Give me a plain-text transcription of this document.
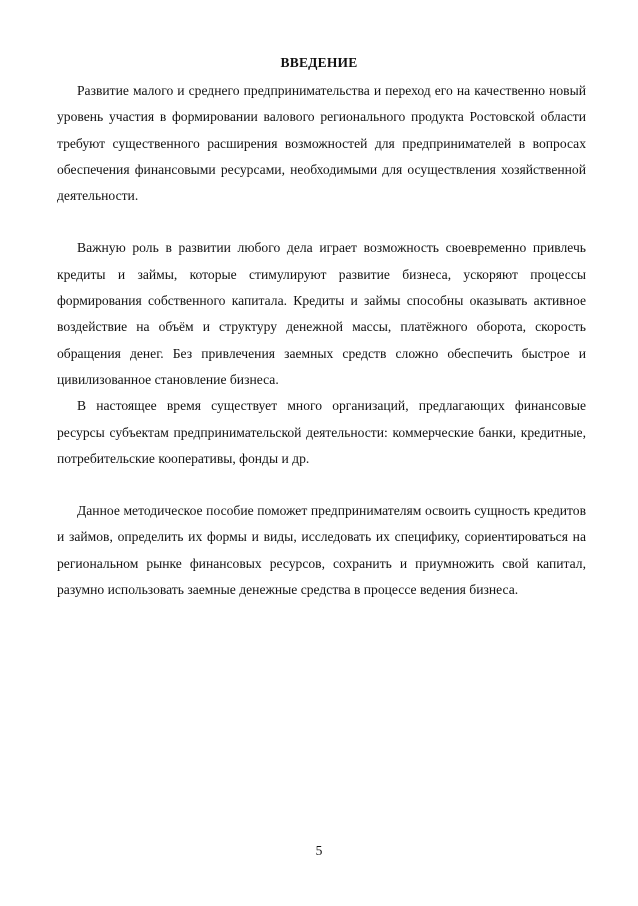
ВВЕДЕНИЕ

Развитие малого и среднего предпринимательства и переход его на качественно новый уровень участия в формировании валового регионального продукта Ростовской области требуют существенного расширения возможностей для предпринимателей в вопросах обеспечения финансовыми ресурсами, необходимыми для осуществления хозяйственной деятельности.

Важную роль в развитии любого дела играет возможность своевременно привлечь кредиты и займы, которые стимулируют развитие бизнеса, ускоряют процессы формирования собственного капитала. Кредиты и займы способны оказывать активное воздействие на объём и структуру денежной массы, платёжного оборота, скорость обращения денег. Без привлечения заемных средств сложно обеспечить быстрое и цивилизованное становление бизнеса.

В настоящее время существует много организаций, предлагающих финансовые ресурсы субъектам предпринимательской деятельности: коммерческие банки, кредитные, потребительские кооперативы, фонды и др.

Данное методическое пособие поможет предпринимателям освоить сущность кредитов и займов, определить их формы и виды, исследовать их специфику, сориентироваться на региональном рынке финансовых ресурсов, сохранить и приумножить свой капитал, разумно использовать заемные денежные средства в процессе ведения бизнеса.

5
